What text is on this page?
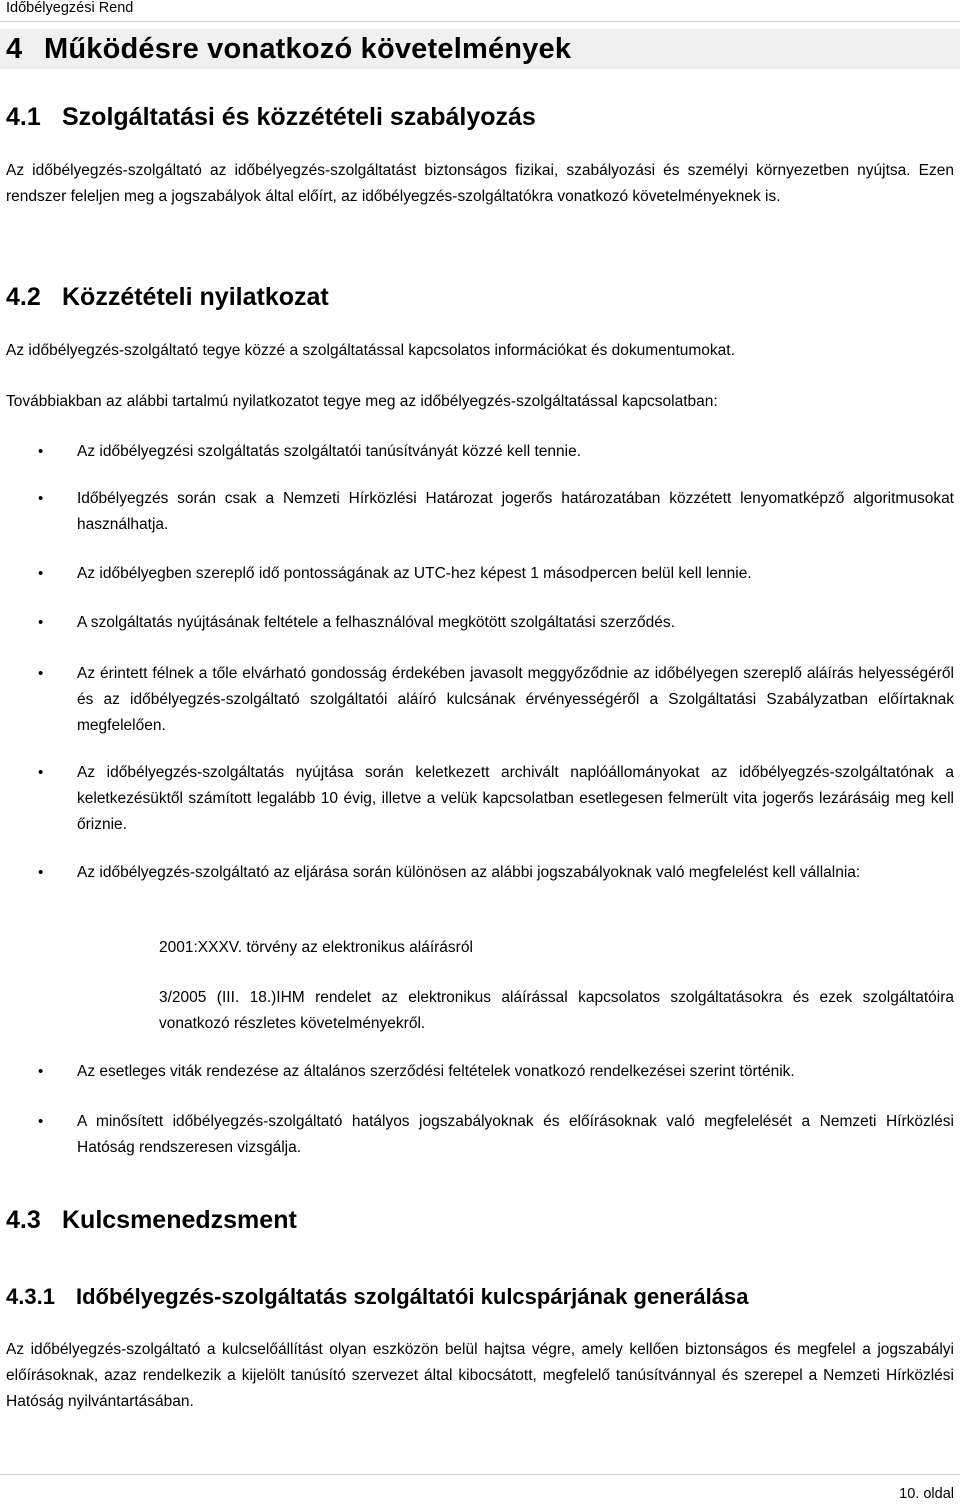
Időbélyegzési Rend
4 Működésre vonatkozó követelmények
4.1 Szolgáltatási és közzétételi szabályozás

Az időbélyegzés-szolgáltató az időbélyegzés-szolgáltatást biztonságos fizikai, szabályozási és személyi környezetben nyújtsa. Ezen rendszer feleljen meg a jogszabályok által előírt, az időbélyegzés-szolgáltatókra vonatkozó követelményeknek is.

4.2 Közzétételi nyilatkozat

Az időbélyegzés-szolgáltató tegye közzé a szolgáltatással kapcsolatos információkat és dokumentumokat.

Továbbiakban az alábbi tartalmú nyilatkozatot tegye meg az időbélyegzés-szolgáltatással kapcsolatban:

• Az időbélyegzési szolgáltatás szolgáltatói tanúsítványát közzé kell tennie.

• Időbélyegzés során csak a Nemzeti Hírközlési Határozat jogerős határozatában közzétett lenyomatképző algoritmusokat használhatja.

• Az időbélyegben szereplő idő pontosságának az UTC-hez képest 1 másodpercen belül kell lennie.

• A szolgáltatás nyújtásának feltétele a felhasználóval megkötött szolgáltatási szerződés.

• Az érintett félnek a tőle elvárható gondosság érdekében javasolt meggyőződnie az időbélyegen szereplő aláírás helyességéről és az időbélyegzés-szolgáltató szolgáltatói aláíró kulcsának érvényességéről a Szolgáltatási Szabályzatban előírtaknak megfelelően.

• Az időbélyegzés-szolgáltatás nyújtása során keletkezett archivált naplóállományokat az időbélyegzés-szolgáltatónak a keletkezésüktől számított legalább 10 évig, illetve a velük kapcsolatban esetlegesen felmerült vita jogerős lezárásáig meg kell őriznie.

• Az időbélyegzés-szolgáltató az eljárása során különösen az alábbi jogszabályoknak való megfelelést kell vállalnia:

2001:XXXV. törvény az elektronikus aláírásról

3/2005 (III. 18.)IHM rendelet az elektronikus aláírással kapcsolatos szolgáltatásokra és ezek szolgáltatóira vonatkozó részletes követelményekről.

• Az esetleges viták rendezése az általános szerződési feltételek vonatkozó rendelkezései szerint történik.

• A minősített időbélyegzés-szolgáltató hatályos jogszabályoknak és előírásoknak való megfelelését a Nemzeti Hírközlési Hatóság rendszeresen vizsgálja.

4.3 Kulcsmenedzsment
4.3.1 Időbélyegzés-szolgáltatás szolgáltatói kulcspárjának generálása

Az időbélyegzés-szolgáltató a kulcselőállítást olyan eszközön belül hajtsa végre, amely kellően biztonságos és megfelel a jogszabályi előírásoknak, azaz rendelkezik a kijelölt tanúsító szervezet által kibocsátott, megfelelő tanúsítvánnyal és szerepel a Nemzeti Hírközlési Hatóság nyilvántartásában.

10. oldal
